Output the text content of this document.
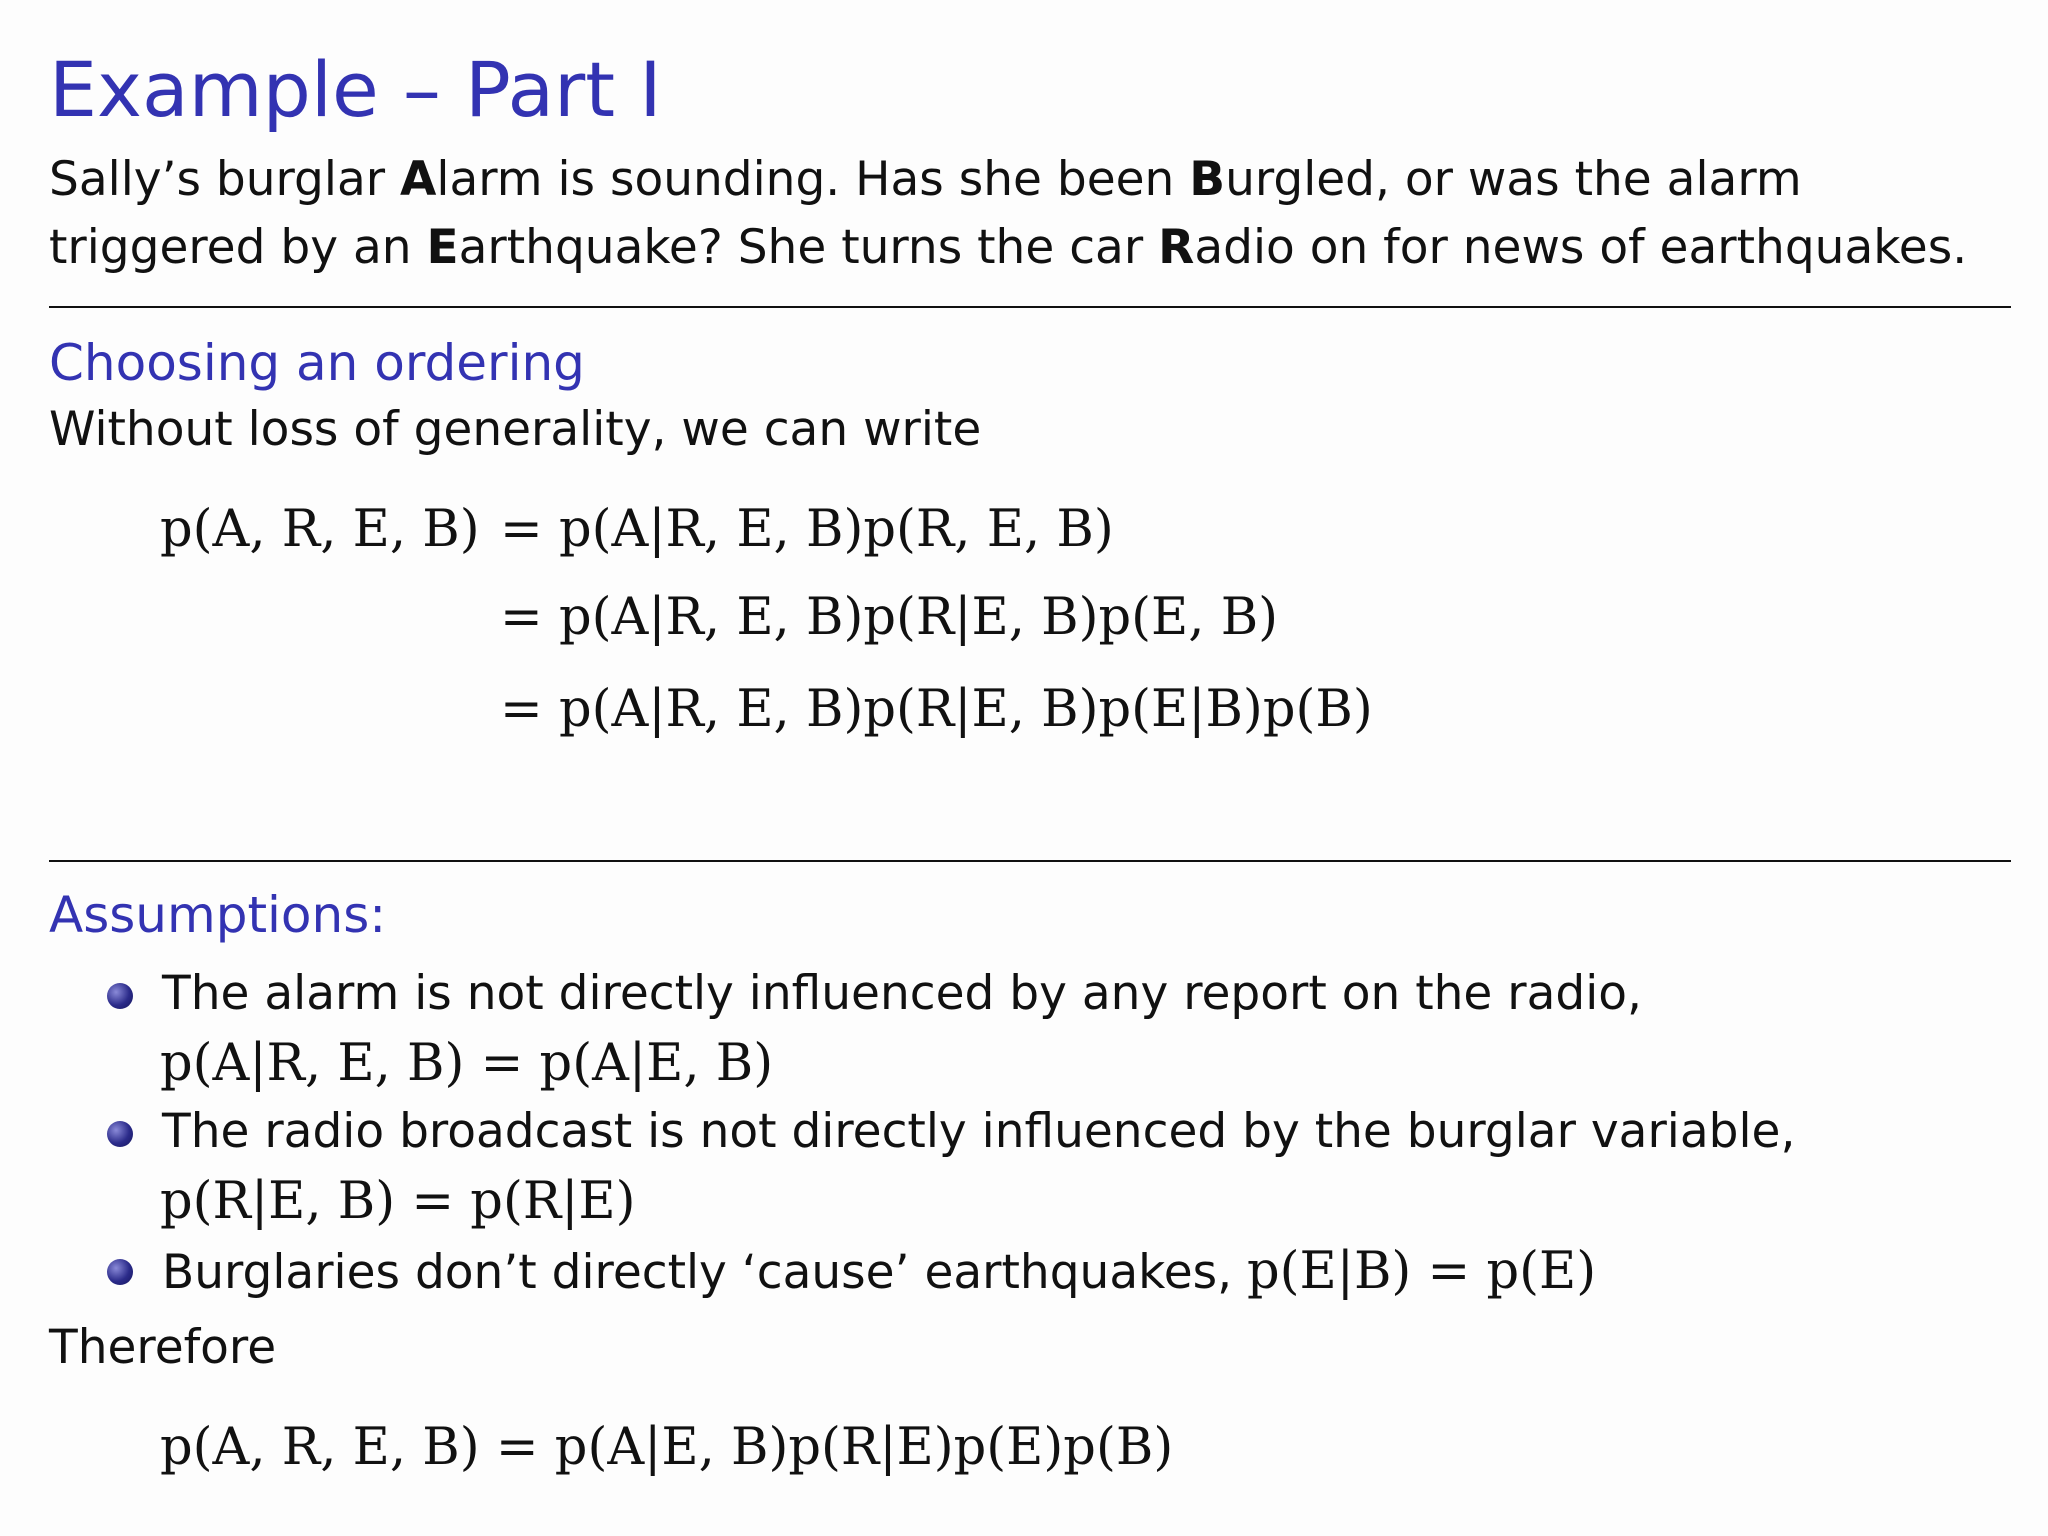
Example – Part I
Sally’s burglar Alarm is sounding. Has she been Burgled, or was the alarm triggered by an Earthquake? She turns the car Radio on for news of earthquakes.
Choosing an ordering
Without loss of generality, we can write
p(A, R, E, B) = p(A|R, E, B)p(R, E, B)
= p(A|R, E, B)p(R|E, B)p(E, B)
= p(A|R, E, B)p(R|E, B)p(E|B)p(B)
Assumptions:
The alarm is not directly influenced by any report on the radio,
p(A|R, E, B) = p(A|E, B)
The radio broadcast is not directly influenced by the burglar variable,
p(R|E, B) = p(R|E)
Burglaries don’t directly ‘cause’ earthquakes, p(E|B) = p(E)
Therefore
p(A, R, E, B) = p(A|E, B)p(R|E)p(E)p(B)
